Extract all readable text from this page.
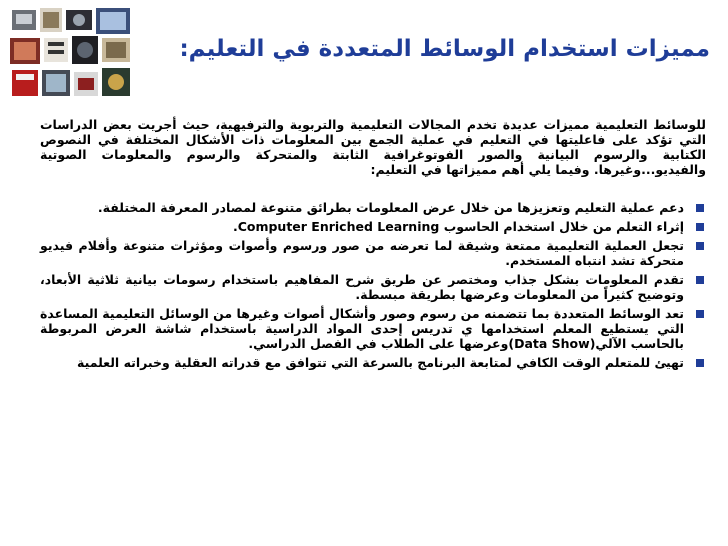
مميزات استخدام الوسائط المتعددة في التعليم:

للوسائط التعليمية مميزات عديدة تخدم المجالات التعليمية والتربوية والترفيهية، حيث أجريت بعض الدراسات التي تؤكد على فاعليتها في التعليم في عملية الجمع بين المعلومات ذات الأشكال المختلفة في النصوص الكتابية والرسوم البيانية والصور الفوتوغرافية الثابتة والمتحركة والرسوم والمعلومات الصوتية والفيديو...وغيرها. وفيما يلي أهم مميزاتها في التعليم:

دعم عملية التعليم وتعزيزها من خلال عرض المعلومات بطرائق متنوعة لمصادر المعرفة المختلفة.
إثراء التعلم من خلال استخدام الحاسوب Computer Enriched Learning.
تجعل العملية التعليمية ممتعة وشيقة لما تعرضه من صور ورسوم وأصوات ومؤثرات متنوعة وأفلام فيديو متحركة تشد انتباه المستخدم.
تقدم المعلومات بشكل جذاب ومختصر عن طريق شرح المفاهيم باستخدام رسومات بيانية ثلاثية الأبعاد، وتوضيح كثيراً من المعلومات وعرضها بطريقة مبسطة.
تعد الوسائط المتعددة بما تتضمنه من رسوم وصور وأشكال أصوات وغيرها من الوسائل التعليمية المساعدة التي يستطيع المعلم استخدامها ي تدريس إحدى المواد الدراسية باستخدام شاشة العرض المربوطة بالحاسب الآلي(Data Show)وعرضها على الطلاب في الفصل الدراسي.
تهيئ للمتعلم الوقت الكافي لمتابعة البرنامج بالسرعة التي تتوافق مع قدراته العقلية وخبراته العلمية
